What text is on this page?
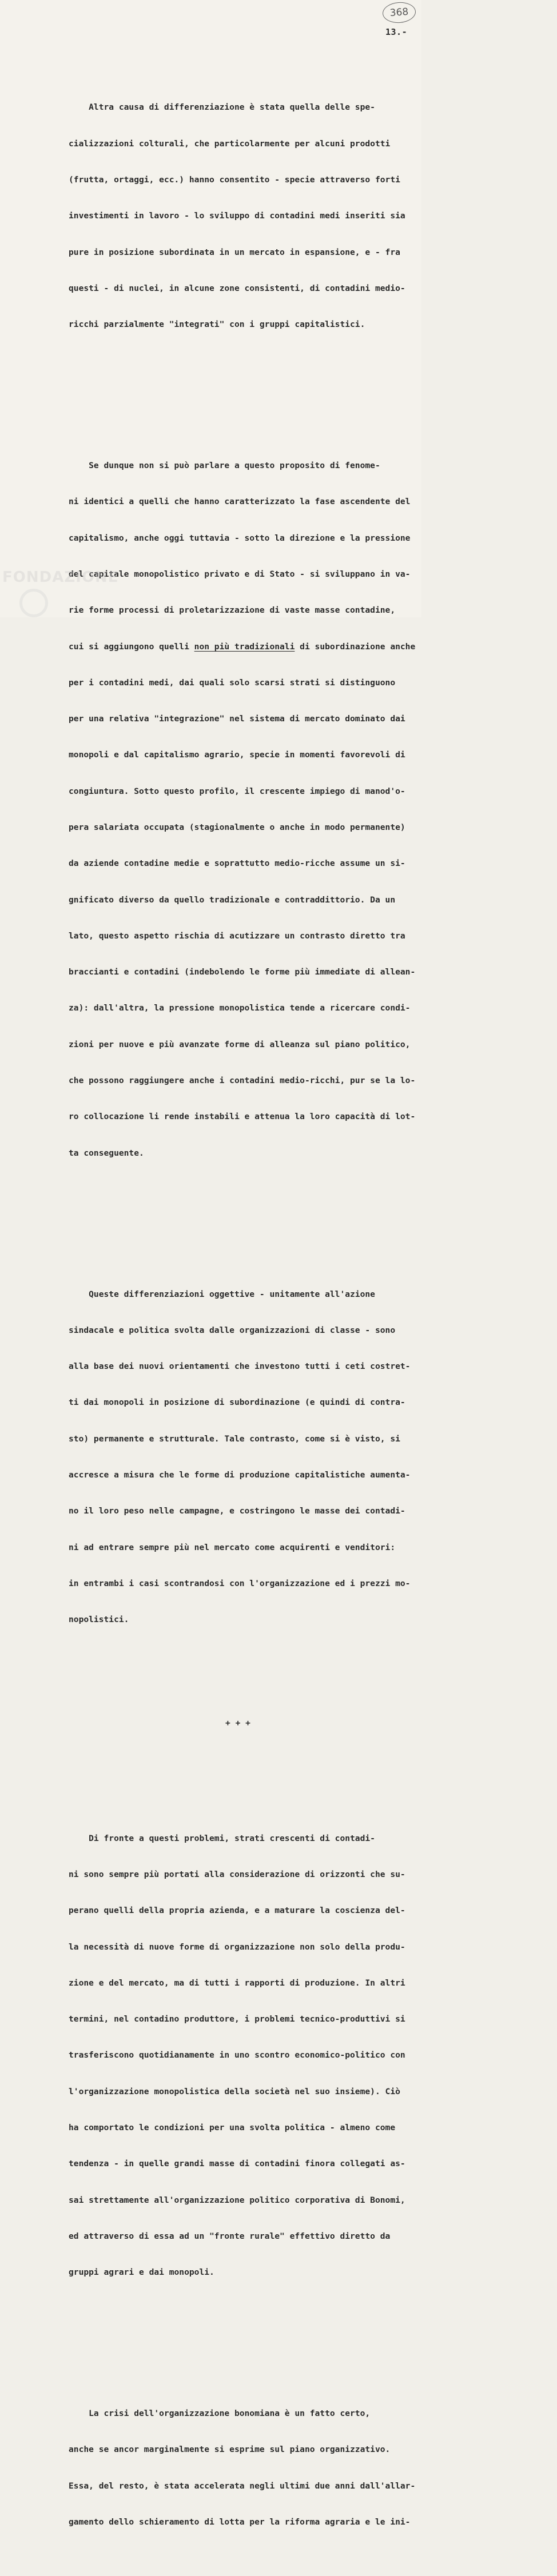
368
13.-

Altra causa di differenziazione è stata quella delle spe-

cializzazioni colturali, che particolarmente per alcuni prodotti

(frutta, ortaggi, ecc.) hanno consentito - specie attraverso forti

investimenti in lavoro - lo sviluppo di contadini medi inseriti sia

pure in posizione subordinata in un mercato in espansione, e - fra

questi - di nuclei, in alcune zone consistenti, di contadini medio-

ricchi parzialmente "integrati" con i gruppi capitalistici.

Se dunque non si può parlare a questo proposito di fenome-

ni identici a quelli che hanno caratterizzato la fase ascendente del

capitalismo, anche oggi tuttavia - sotto la direzione e la pressione

del capitale monopolistico privato e di Stato - si sviluppano in va-

rie forme processi di proletarizzazione di vaste masse contadine,

cui si aggiungono quelli non più tradizionali di subordinazione anche

per i contadini medi, dai quali solo scarsi strati si distinguono

per una relativa "integrazione" nel sistema di mercato dominato dai

monopoli e dal capitalismo agrario, specie in momenti favorevoli di

congiuntura. Sotto questo profilo, il crescente impiego di manod'o-

pera salariata occupata (stagionalmente o anche in modo permanente)

da aziende contadine medie e soprattutto medio-ricche assume un si-

gnificato diverso da quello tradizionale e contraddittorio. Da un

lato, questo aspetto rischia di acutizzare un contrasto diretto tra

braccianti e contadini (indebolendo le forme più immediate di allean-

za): dall'altra, la pressione monopolistica tende a ricercare condi-

zioni per nuove e più avanzate forme di alleanza sul piano politico,

che possono raggiungere anche i contadini medio-ricchi, pur se la lo-

ro collocazione li rende instabili e attenua la loro capacità di lot-

ta conseguente.

Queste differenziazioni oggettive - unitamente all'azione

sindacale e politica svolta dalle organizzazioni di classe - sono

alla base dei nuovi orientamenti che investono tutti i ceti costret-

ti dai monopoli in posizione di subordinazione (e quindi di contra-

sto) permanente e strutturale. Tale contrasto, come si è visto, si

accresce a misura che le forme di produzione capitalistiche aumenta-

no il loro peso nelle campagne, e costringono le masse dei contadi-

ni ad entrare sempre più nel mercato come acquirenti e venditori:

in entrambi i casi scontrandosi con l'organizzazione ed i prezzi mo-

nopolistici.

+ + +

Di fronte a questi problemi, strati crescenti di contadi-

ni sono sempre più portati alla considerazione di orizzonti che su-

perano quelli della propria azienda, e a maturare la coscienza del-

la necessità di nuove forme di organizzazione non solo della produ-

zione e del mercato, ma di tutti i rapporti di produzione. In altri

termini, nel contadino produttore, i problemi tecnico-produttivi si

trasferiscono quotidianamente in uno scontro economico-politico con

l'organizzazione monopolistica della società nel suo insieme). Ciò

ha comportato le condizioni per una svolta politica - almeno come

tendenza - in quelle grandi masse di contadini finora collegati as-

sai strettamente all'organizzazione politico corporativa di Bonomi,

ed attraverso di essa ad un "fronte rurale" effettivo diretto da

gruppi agrari e dai monopoli.

La crisi dell'organizzazione bonomiana è un fatto certo,

anche se ancor marginalmente si esprime sul piano organizzativo.

Essa, del resto, è stata accelerata negli ultimi due anni dall'allar-

gamento dello schieramento di lotta per la riforma agraria e le ini-

FONDAZIONE
